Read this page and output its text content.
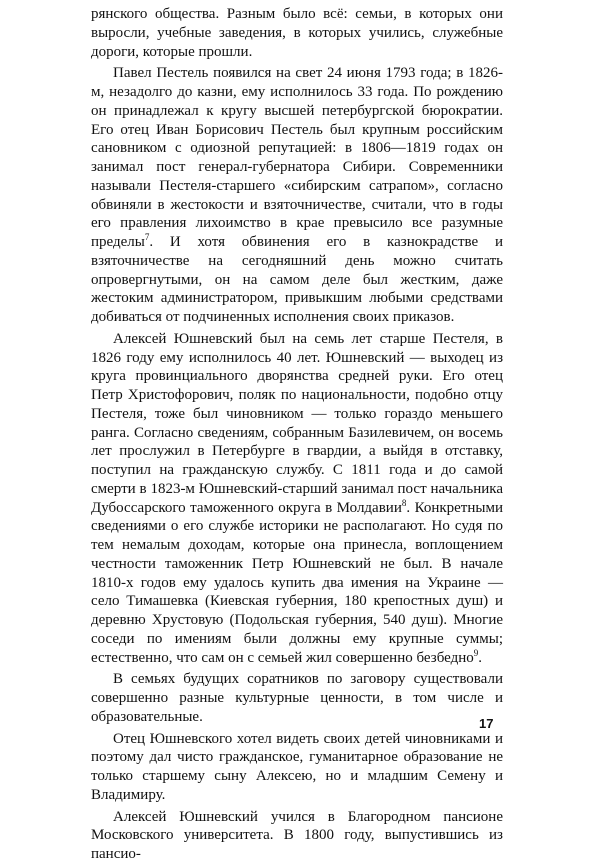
рянского общества. Разным было всё: семьи, в которых они выросли, учебные заведения, в которых учились, служебные дороги, которые прошли.

Павел Пестель появился на свет 24 июня 1793 года; в 1826-м, незадолго до казни, ему исполнилось 33 года. По рождению он принадлежал к кругу высшей петербургской бюрократии. Его отец Иван Борисович Пестель был крупным российским сановником с одиозной репутацией: в 1806—1819 годах он занимал пост генерал-губернатора Сибири. Современники называли Пестеля-старшего «сибирским сатрапом», согласно обвиняли в жестокости и взяточничестве, считали, что в годы его правления лихоимство в крае превысило все разумные пределы$^7$. И хотя обвинения его в казнокрадстве и взяточничестве на сегодняшний день можно считать опровергнутыми, он на самом деле был жестким, даже жестоким администратором, привыкшим любыми средствами добиваться от подчиненных исполнения своих приказов.

Алексей Юшневский был на семь лет старше Пестеля, в 1826 году ему исполнилось 40 лет. Юшневский — выходец из круга провинциального дворянства средней руки. Его отец Петр Христофорович, поляк по национальности, подобно отцу Пестеля, тоже был чиновником — только гораздо меньшего ранга. Согласно сведениям, собранным Базилевичем, он восемь лет прослужил в Петербурге в гвардии, а выйдя в отставку, поступил на гражданскую службу. С 1811 года и до самой смерти в 1823-м Юшневский-старший занимал пост начальника Дубоссарского таможенного округа в Молдавии$^8$. Конкретными сведениями о его службе историки не располагают. Но судя по тем немалым доходам, которые она принесла, воплощением честности таможенник Петр Юшневский не был. В начале 1810-х годов ему удалось купить два имения на Украине — село Тимашевка (Киевская губерния, 180 крепостных душ) и деревню Хрустовую (Подольская губерния, 540 душ). Многие соседи по имениям были должны ему крупные суммы; естественно, что сам он с семьей жил совершенно безбедно$^9$.

В семьях будущих соратников по заговору существовали совершенно разные культурные ценности, в том числе и образовательные.

Отец Юшневского хотел видеть своих детей чиновниками и поэтому дал чисто гражданское, гуманитарное образование не только старшему сыну Алексею, но и младшим Семену и Владимиру.

Алексей Юшневский учился в Благородном пансионе Московского университета. В 1800 году, выпустившись из пансио-

17
